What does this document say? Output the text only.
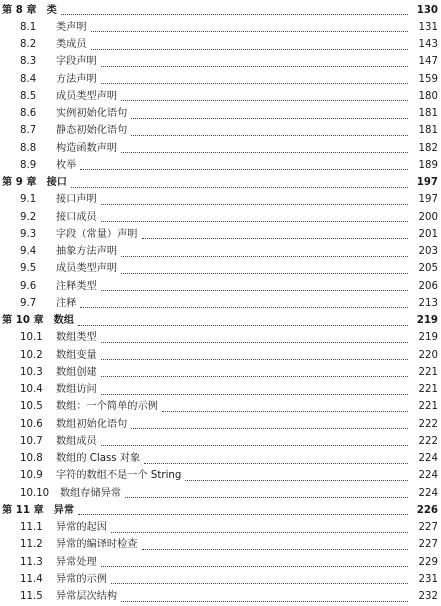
第 8 章 类	130
8.1	类声明	131
8.2	类成员	143
8.3	字段声明	147
8.4	方法声明	159
8.5	成员类型声明	180
8.6	实例初始化语句	181
8.7	静态初始化语句	181
8.8	构造函数声明	182
8.9	枚举	189
第 9 章 接口	197
9.1	接口声明	197
9.2	接口成员	200
9.3	字段（常量）声明	201
9.4	抽象方法声明	203
9.5	成员类型声明	205
9.6	注释类型	206
9.7	注释	213
第 10 章 数组	219
10.1	数组类型	219
10.2	数组变量	220
10.3	数组创建	221
10.4	数组访问	221
10.5	数组：一个简单的示例	221
10.6	数组初始化语句	222
10.7	数组成员	222
10.8	数组的 Class 对象	224
10.9	字符的数组不是一个 String	224
10.10	数组存储异常	224
第 11 章 异常	226
11.1	异常的起因	227
11.2	异常的编译时检查	227
11.3	异常处理	229
11.4	异常的示例	231
11.5	异常层次结构	232
